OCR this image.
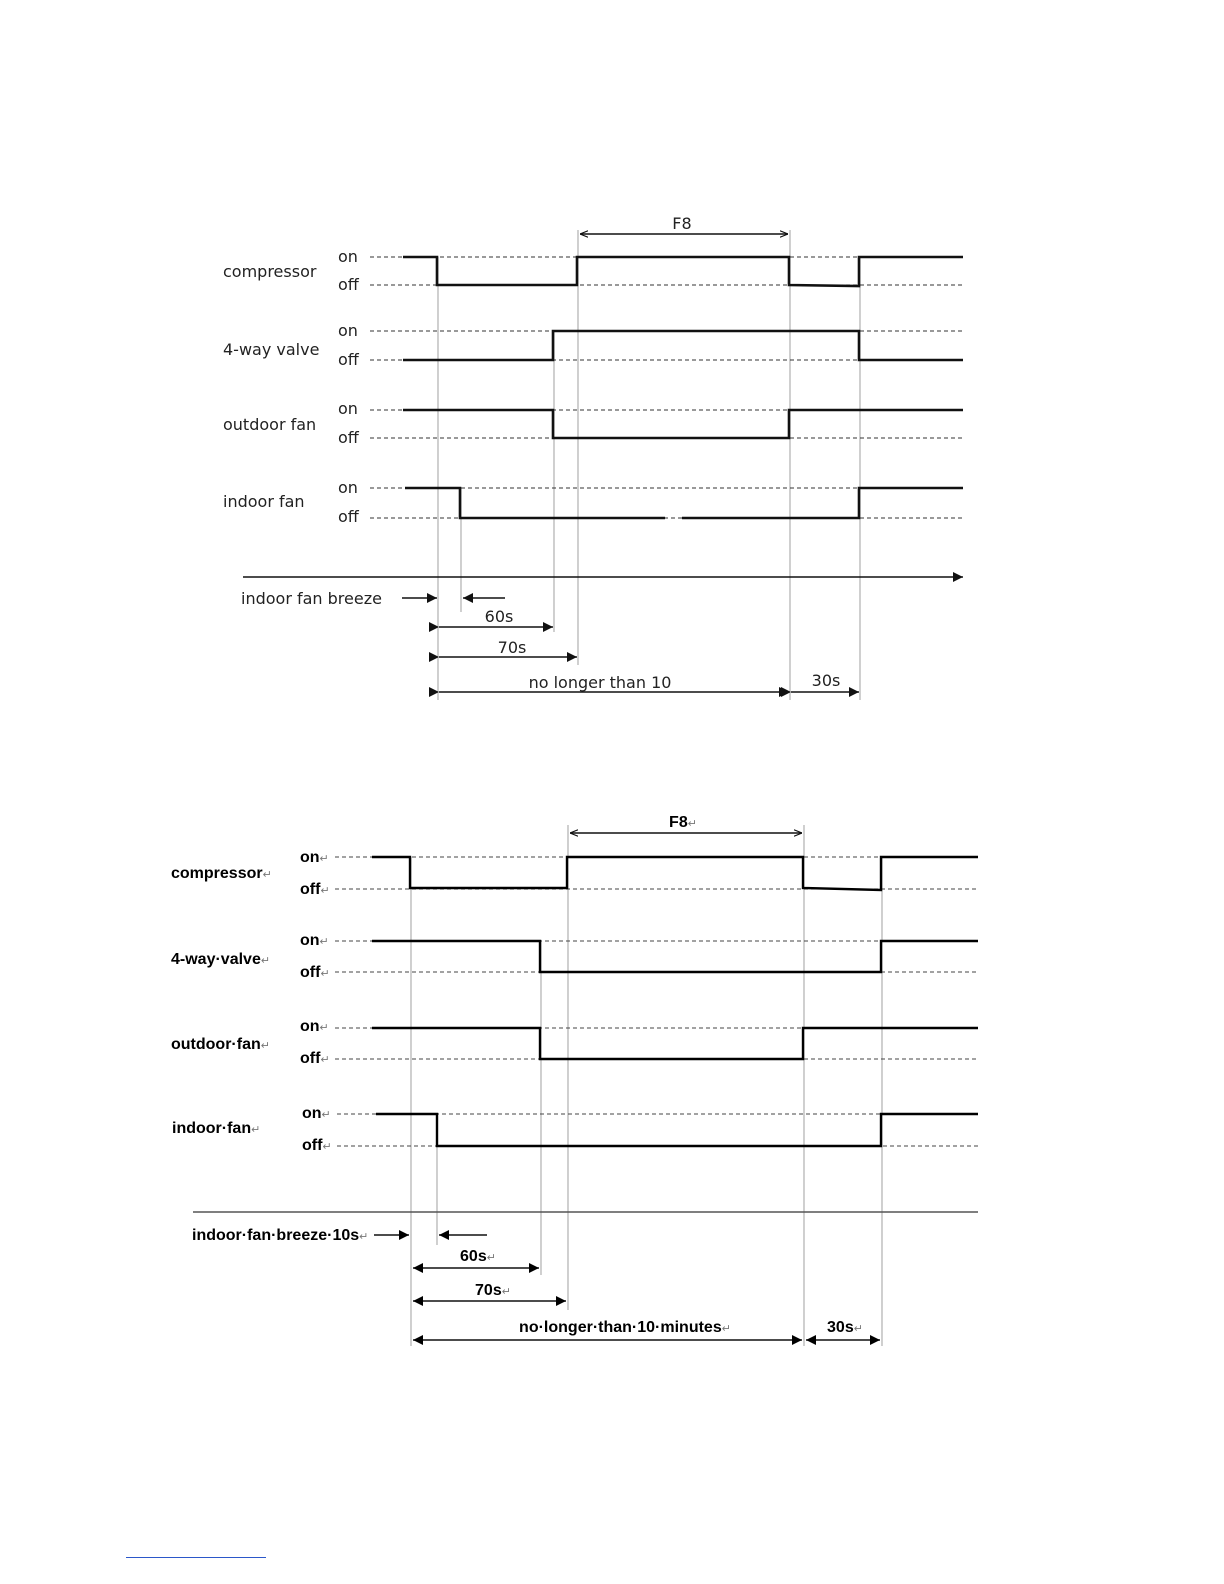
compressor
on
off
4-way valve
on
off
outdoor fan
on
off
indoor fan
on
off
F8
indoor fan breeze
60s
70s
no longer than 10	30s
compressor↵
on↵
off↵
4-way·valve↵
on↵
off↵
outdoor·fan↵
on↵
off↵
indoor·fan↵
on↵
off↵
F8↵
indoor·fan·breeze·10s↵
60s↵
70s↵
no·longer·than·10·minutes↵	30s↵
